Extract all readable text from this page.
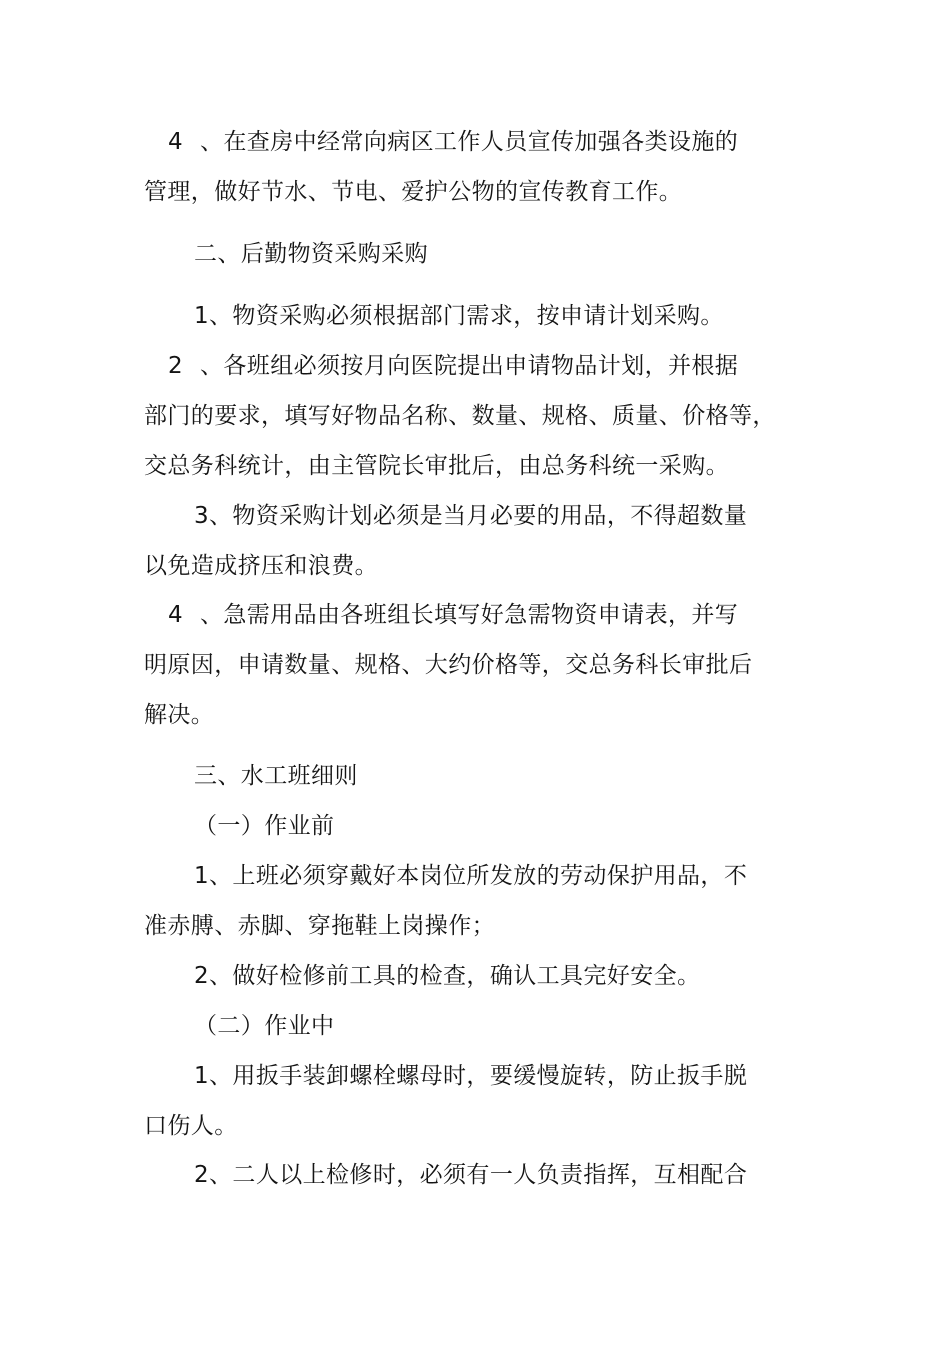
4 、在查房中经常向病区工作人员宣传加强各类设施的
管理，做好节水、节电、爱护公物的宣传教育工作。
二、后勤物资采购采购
1、物资采购必须根据部门需求，按申请计划采购。
2 、各班组必须按月向医院提出申请物品计划，并根据
部门的要求，填写好物品名称、数量、规格、质量、价格等，
交总务科统计，由主管院长审批后，由总务科统一采购。
3、物资采购计划必须是当月必要的用品，不得超数量
以免造成挤压和浪费。
4 、急需用品由各班组长填写好急需物资申请表，并写
明原因，申请数量、规格、大约价格等，交总务科长审批后
解决。
三、水工班细则
（一）作业前
1、上班必须穿戴好本岗位所发放的劳动保护用品，不
准赤膊、赤脚、穿拖鞋上岗操作；
2、做好检修前工具的检查，确认工具完好安全。
（二）作业中
1、用扳手装卸螺栓螺母时，要缓慢旋转，防止扳手脱
口伤人。
2、二人以上检修时，必须有一人负责指挥，互相配合
